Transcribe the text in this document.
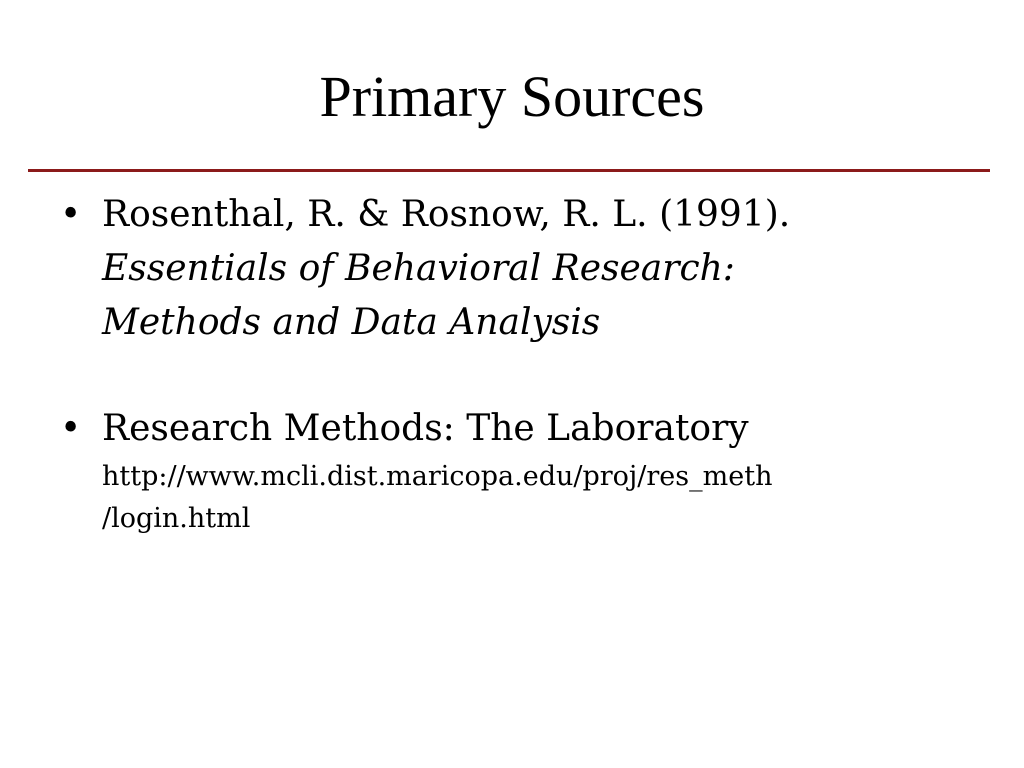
Primary Sources
• Rosenthal, R. & Rosnow, R. L. (1991).
Essentials of Behavioral Research:
Methods and Data Analysis
• Research Methods: The Laboratory
http://www.mcli.dist.maricopa.edu/proj/res_meth
/login.html
